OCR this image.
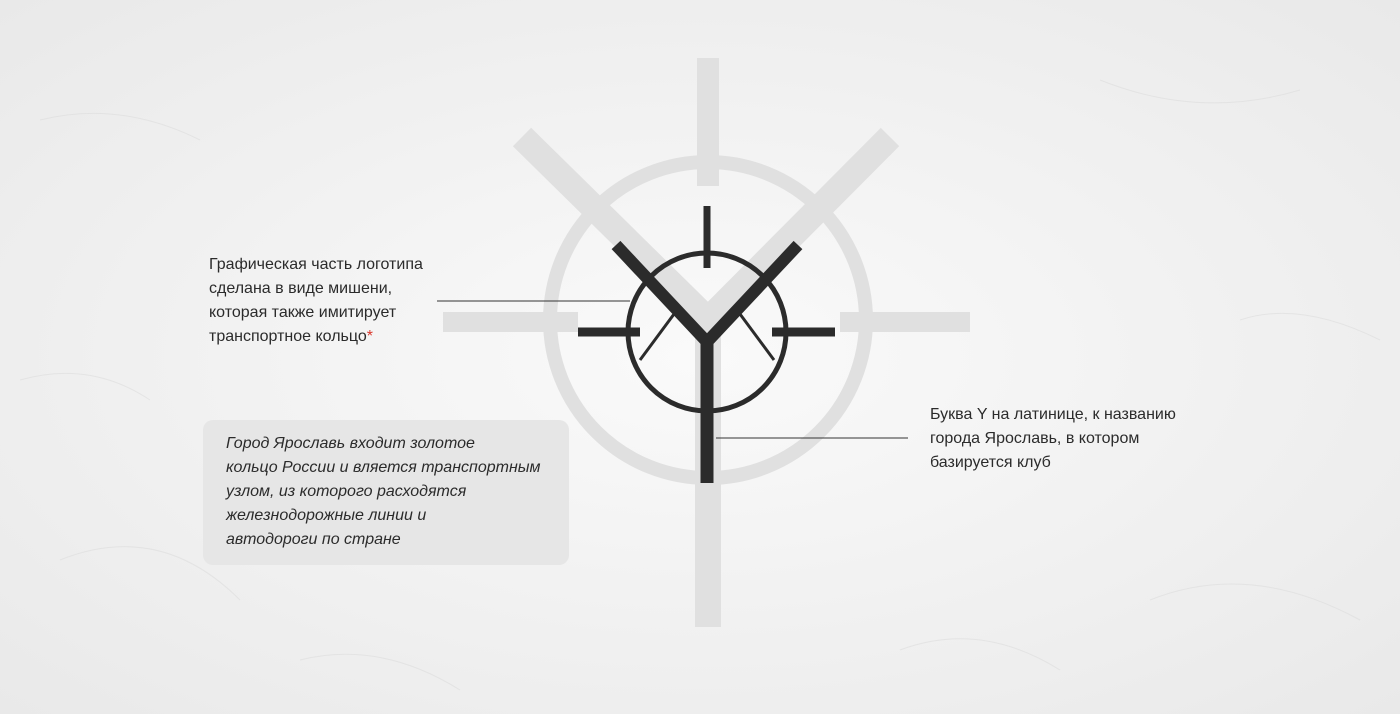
Графическая часть логотипа
сделана в виде мишени,
которая также имитирует
транспортное кольцо*

Буква Y на латинице, к названию
города Ярославь, в котором
базируется клуб

Город Ярославь входит золотое
кольцо России и вляется транспортным
узлом, из которого расходятся
железнодорожные линии и
автодороги по стране
